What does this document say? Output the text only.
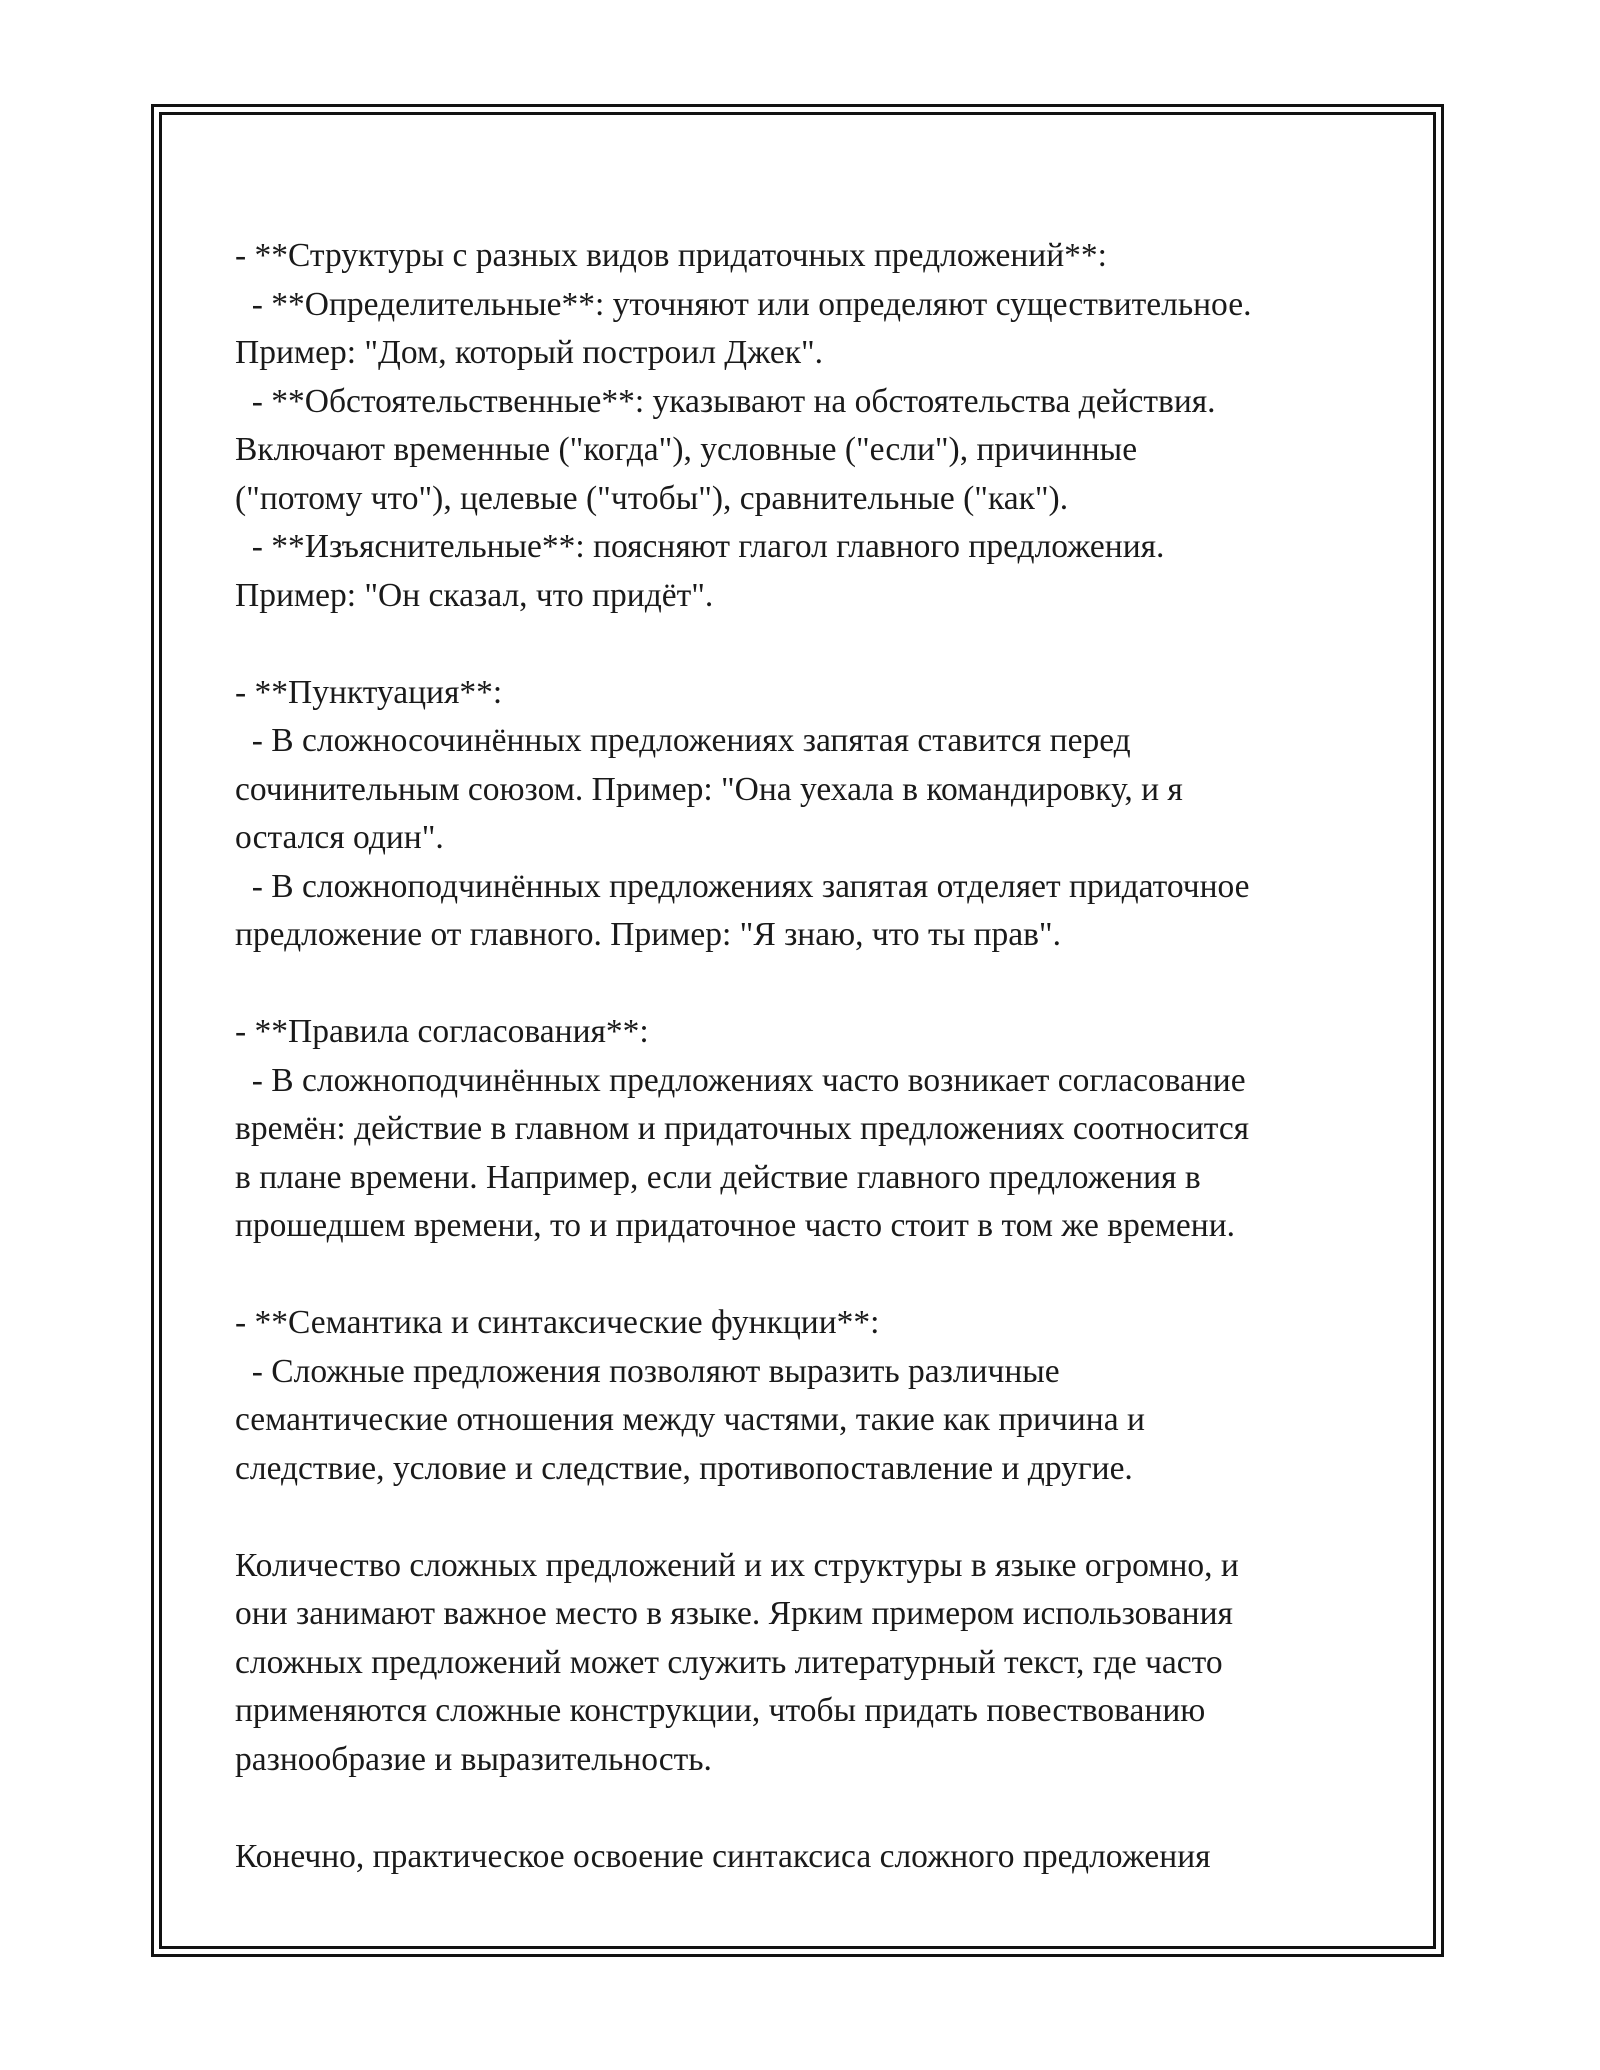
- **Структуры с разных видов придаточных предложений**:
- **Определительные**: уточняют или определяют существительное.
Пример: "Дом, который построил Джек".
- **Обстоятельственные**: указывают на обстоятельства действия.
Включают временные ("когда"), условные ("если"), причинные
("потому что"), целевые ("чтобы"), сравнительные ("как").
- **Изъяснительные**: поясняют глагол главного предложения.
Пример: "Он сказал, что придёт".
- **Пунктуация**:
- В сложносочинённых предложениях запятая ставится перед
сочинительным союзом. Пример: "Она уехала в командировку, и я
остался один".
- В сложноподчинённых предложениях запятая отделяет придаточное
предложение от главного. Пример: "Я знаю, что ты прав".
- **Правила согласования**:
- В сложноподчинённых предложениях часто возникает согласование
времён: действие в главном и придаточных предложениях соотносится
в плане времени. Например, если действие главного предложения в
прошедшем времени, то и придаточное часто стоит в том же времени.
- **Семантика и синтаксические функции**:
- Сложные предложения позволяют выразить различные
семантические отношения между частями, такие как причина и
следствие, условие и следствие, противопоставление и другие.
Количество сложных предложений и их структуры в языке огромно, и
они занимают важное место в языке. Ярким примером использования
сложных предложений может служить литературный текст, где часто
применяются сложные конструкции, чтобы придать повествованию
разнообразие и выразительность.
Конечно, практическое освоение синтаксиса сложного предложения
